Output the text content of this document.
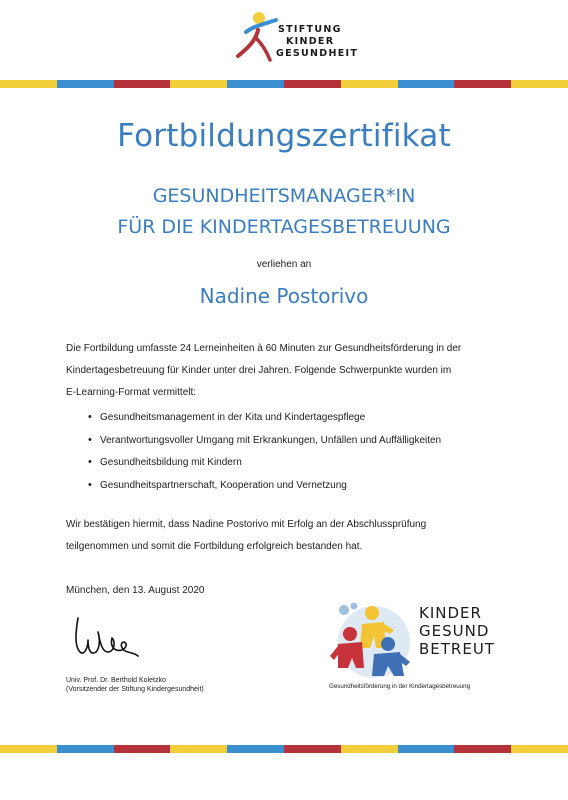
STIFTUNG
KINDER
GESUNDHEIT
Fortbildungszertifikat
GESUNDHEITSMANAGER*IN
FÜR DIE KINDERTAGESBETREUUNG
verliehen an
Nadine Postorivo
Die Fortbildung umfasste 24 Lerneinheiten à 60 Minuten zur Gesundheitsförderung in der
Kindertagesbetreuung für Kinder unter drei Jahren. Folgende Schwerpunkte wurden im
E-Learning-Format vermittelt:
• Gesundheitsmanagement in der Kita und Kindertagespflege
• Verantwortungsvoller Umgang mit Erkrankungen, Unfällen und Auffälligkeiten
• Gesundheitsbildung mit Kindern
• Gesundheitspartnerschaft, Kooperation und Vernetzung
Wir bestätigen hiermit, dass Nadine Postorivo mit Erfolg an der Abschlussprüfung
teilgenommen und somit die Fortbildung erfolgreich bestanden hat.
München, den 13. August 2020
Univ. Prof. Dr. Berthold Koletzko
(Vorsitzender der Stiftung Kindergesundheit)
KINDER
GESUND
BETREUT
Gesundheitsförderung in der Kindertagesbetreuung
